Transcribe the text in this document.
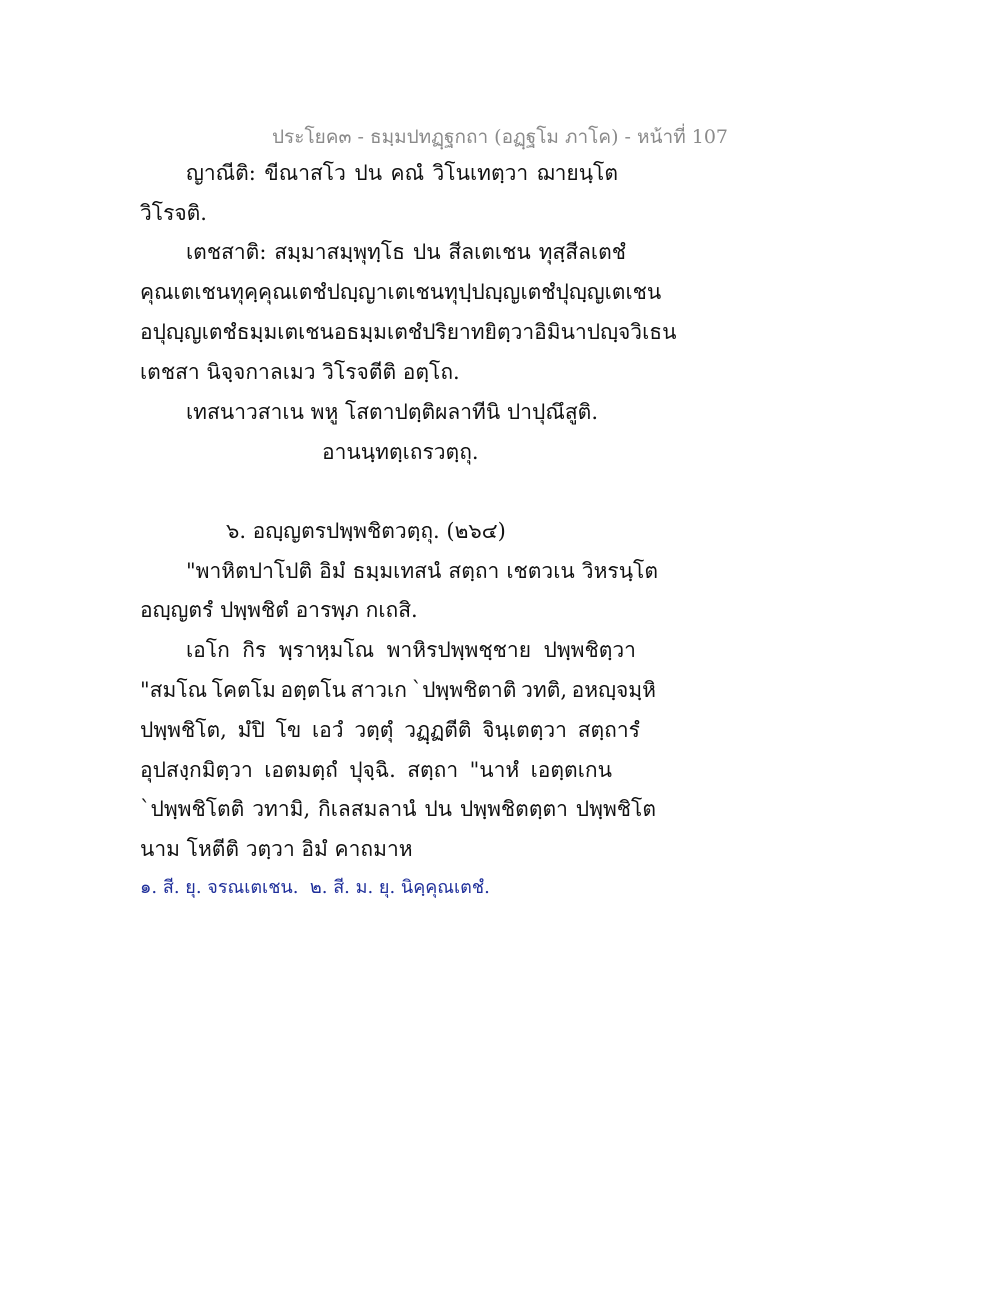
ประโยค๓ - ธมฺมปทฏฺฐกถา (อฏฺฐโม ภาโค) - หน้าที่ 107
ญาณีติ: ขีณาสโว ปน คณํ วิโนเทตฺวา ฌายนฺโต
วิโรจติ.
เตชสาติ: สมฺมาสมฺพุทฺโธ ปน สีลเตเชน ทุสฺสีลเตชํ
คุณเตเชน ทุคฺคุณเตชํ ปญฺญาเตเชน ทุปฺปญฺญเตชํ ปุญฺญเตเชน
อปุญฺญเตชํ ธมฺมเตเชน อธมฺมเตชํ ปริยาทยิตฺวา อิมินา ปญฺจวิเธน
เตชสา นิจฺจกาลเมว วิโรจตีติ อตฺโถ.
เทสนาวสาเน พหู โสตาปตฺติผลาทีนิ ปาปุณึสูติ.
อานนฺทตฺเถรวตฺถุ.
๖. อญฺญตรปพฺพชิตวตฺถุ. (๒๖๔)
"พาหิตปาโปติ อิมํ ธมฺมเทสนํ สตฺถา เชตวเน วิหรนฺโต
อญฺญตรํ ปพฺพชิตํ อารพฺภ กเถสิ.
เอโก กิร พฺราหฺมโณ พาหิรปพฺพชฺชาย ปพฺพชิตฺวา
"สมโณ โคตโม อตฺตโน สาวเก `ปพฺพชิตาติ วทติ, อหญฺจมฺหิ
ปพฺพชิโต, มํปิ โข เอวํ วตฺตุํ วฏฺฏตีติ จินฺเตตฺวา สตฺถารํ
อุปสงฺกมิตฺวา เอตมตฺถํ ปุจฺฉิ. สตฺถา "นาหํ เอตฺตเกน
`ปพฺพชิโตติ วทามิ, กิเลสมลานํ ปน ปพฺพชิตตฺตา ปพฺพชิโต
นาม โหตีติ วตฺวา อิมํ คาถมาห
๑. สี. ยุ. จรณเตเชน.  ๒. สี. ม. ยุ. นิคฺคุณเตชํ.
